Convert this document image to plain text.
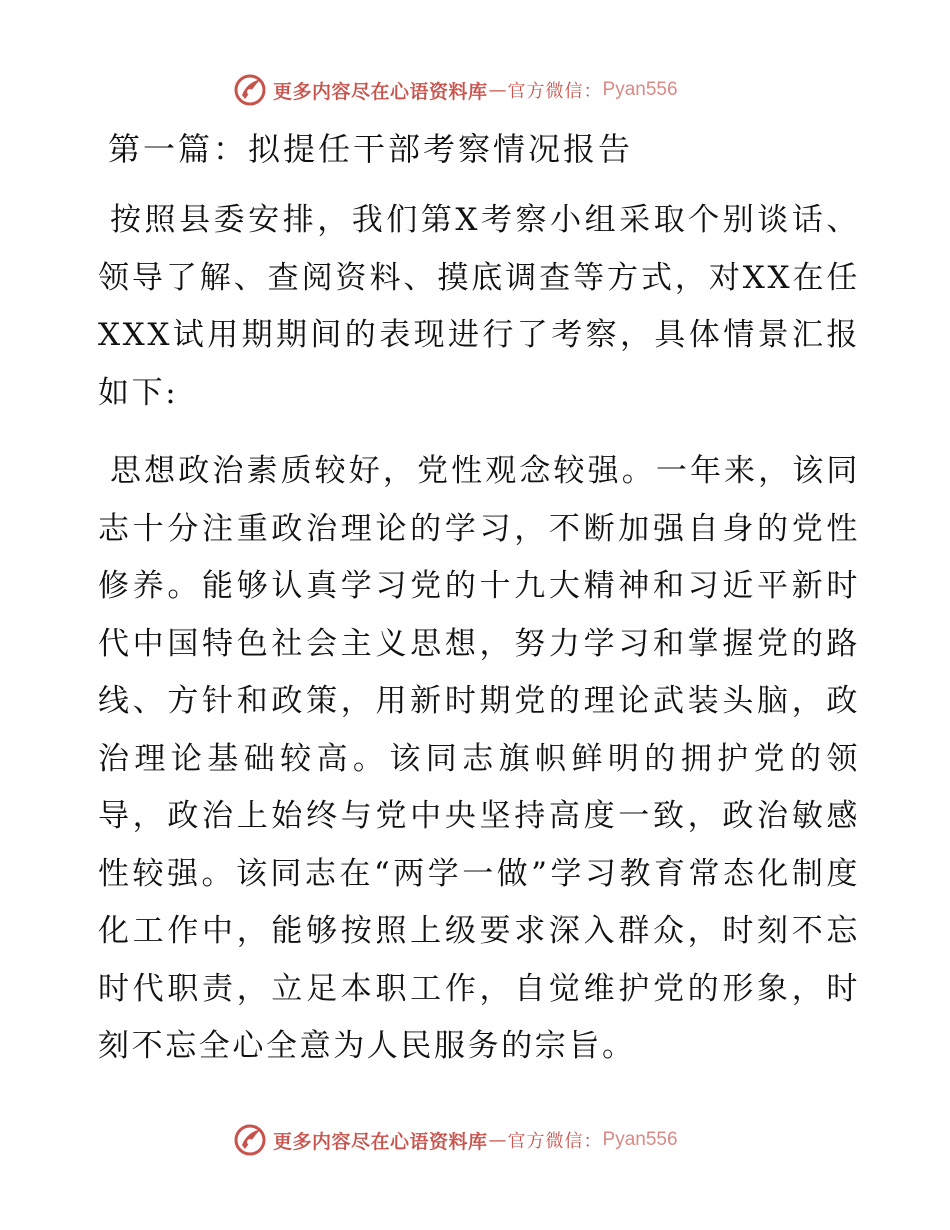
更多内容尽在心语资料库 — 官方微信： Pyan556
第一篇：拟提任干部考察情况报告
按照县委安排，我们第X考察小组采取个别谈话、领导了解、查阅资料、摸底调查等方式，对XX在任XXX试用期期间的表现进行了考察，具体情景汇报如下:
思想政治素质较好，党性观念较强。一年来，该同志十分注重政治理论的学习，不断加强自身的党性修养。能够认真学习党的十九大精神和习近平新时代中国特色社会主义思想，努力学习和掌握党的路线、方针和政策，用新时期党的理论武装头脑，政治理论基础较高。该同志旗帜鲜明的拥护党的领导，政治上始终与党中央坚持高度一致，政治敏感性较强。该同志在“两学一做”学习教育常态化制度化工作中，能够按照上级要求深入群众，时刻不忘时代职责，立足本职工作，自觉维护党的形象，时刻不忘全心全意为人民服务的宗旨。
更多内容尽在心语资料库 — 官方微信： Pyan556
